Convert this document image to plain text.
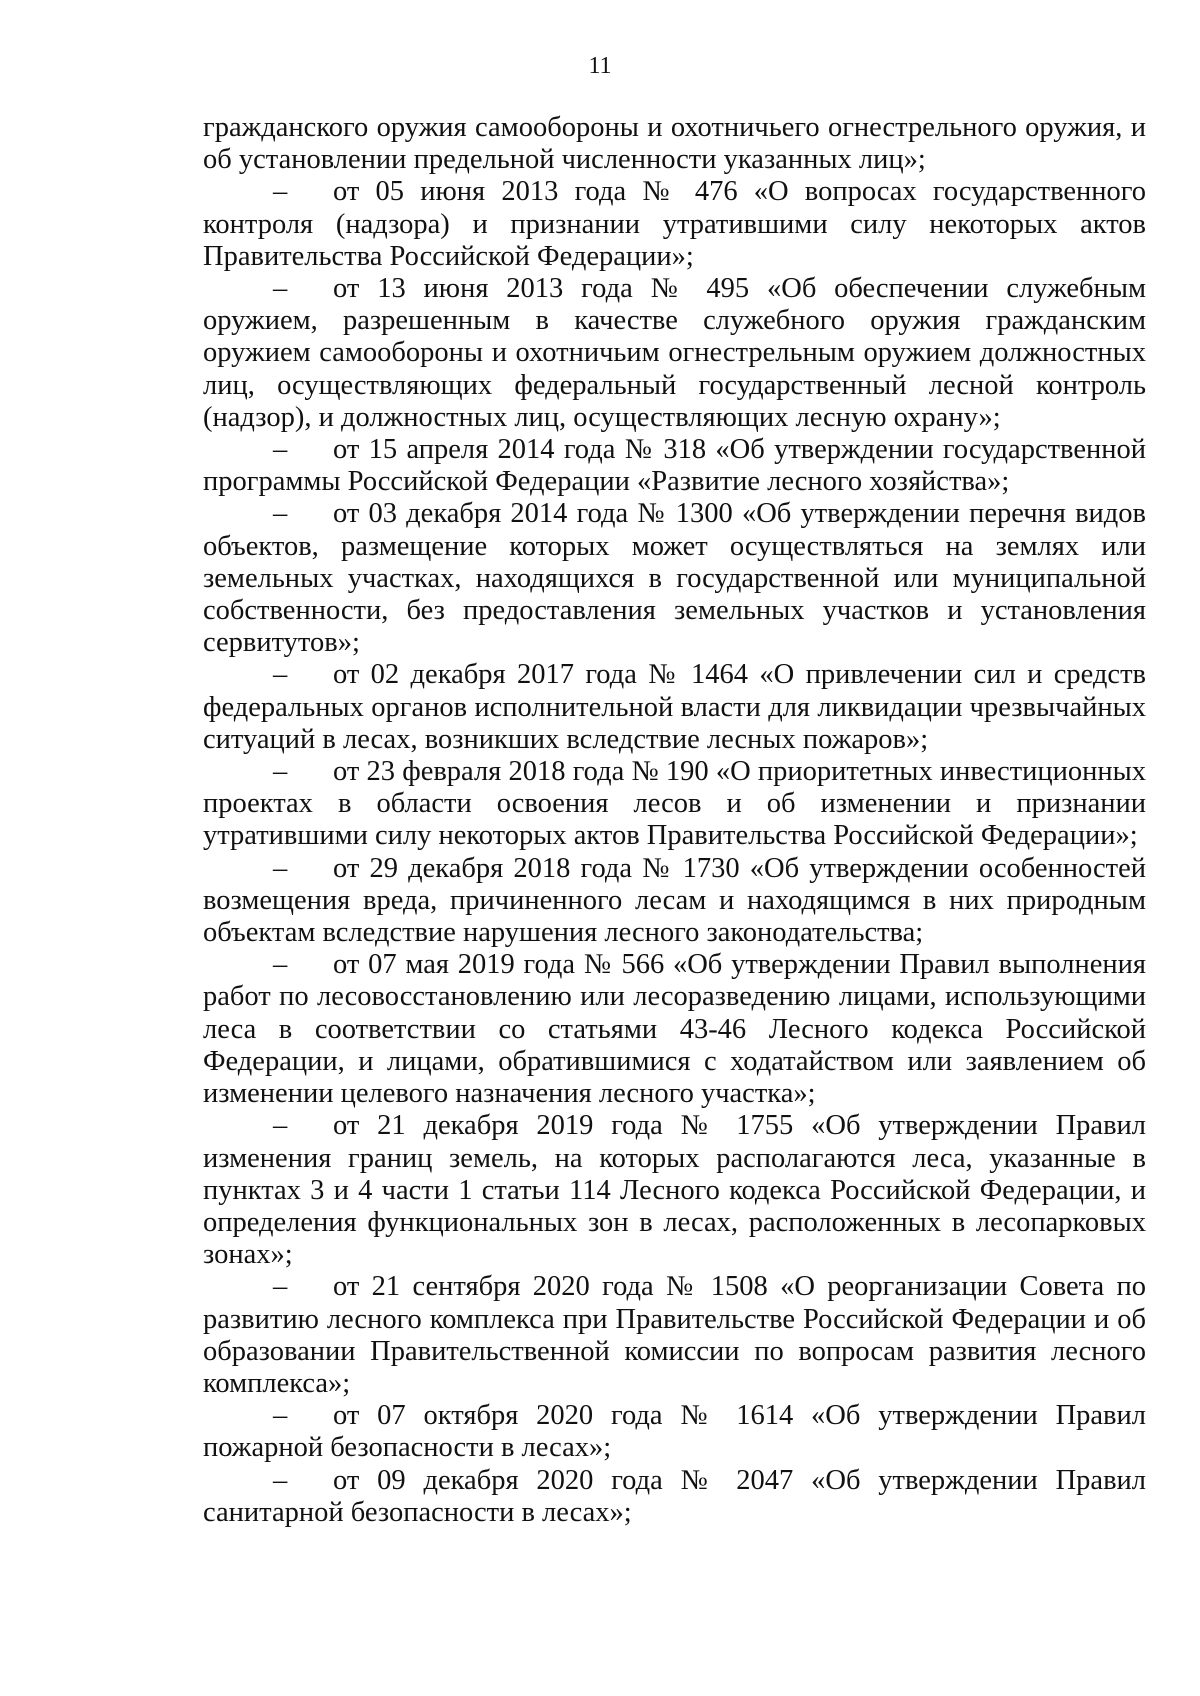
11

гражданского оружия самообороны и охотничьего огнестрельного оружия, и об установлении предельной численности указанных лиц»;

– от 05 июня 2013 года № 476 «О вопросах государственного контроля (надзора) и признании утратившими силу некоторых актов Правительства Российской Федерации»;

– от 13 июня 2013 года № 495 «Об обеспечении служебным оружием, разрешенным в качестве служебного оружия гражданским оружием самообороны и охотничьим огнестрельным оружием должностных лиц, осуществляющих федеральный государственный лесной контроль (надзор), и должностных лиц, осуществляющих лесную охрану»;

– от 15 апреля 2014 года № 318 «Об утверждении государственной программы Российской Федерации «Развитие лесного хозяйства»;

– от 03 декабря 2014 года № 1300 «Об утверждении перечня видов объектов, размещение которых может осуществляться на землях или земельных участках, находящихся в государственной или муниципальной собственности, без предоставления земельных участков и установления сервитутов»;

– от 02 декабря 2017 года № 1464 «О привлечении сил и средств федеральных органов исполнительной власти для ликвидации чрезвычайных ситуаций в лесах, возникших вследствие лесных пожаров»;

– от 23 февраля 2018 года № 190 «О приоритетных инвестиционных проектах в области освоения лесов и об изменении и признании утратившими силу некоторых актов Правительства Российской Федерации»;

– от 29 декабря 2018 года № 1730 «Об утверждении особенностей возмещения вреда, причиненного лесам и находящимся в них природным объектам вследствие нарушения лесного законодательства;

– от 07 мая 2019 года № 566 «Об утверждении Правил выполнения работ по лесовосстановлению или лесоразведению лицами, использующими леса в соответствии со статьями 43-46 Лесного кодекса Российской Федерации, и лицами, обратившимися с ходатайством или заявлением об изменении целевого назначения лесного участка»;

– от 21 декабря 2019 года № 1755 «Об утверждении Правил изменения границ земель, на которых располагаются леса, указанные в пунктах 3 и 4 части 1 статьи 114 Лесного кодекса Российской Федерации, и определения функциональных зон в лесах, расположенных в лесопарковых зонах»;

– от 21 сентября 2020 года № 1508 «О реорганизации Совета по развитию лесного комплекса при Правительстве Российской Федерации и об образовании Правительственной комиссии по вопросам развития лесного комплекса»;

– от 07 октября 2020 года № 1614 «Об утверждении Правил пожарной безопасности в лесах»;

– от 09 декабря 2020 года № 2047 «Об утверждении Правил санитарной безопасности в лесах»;
